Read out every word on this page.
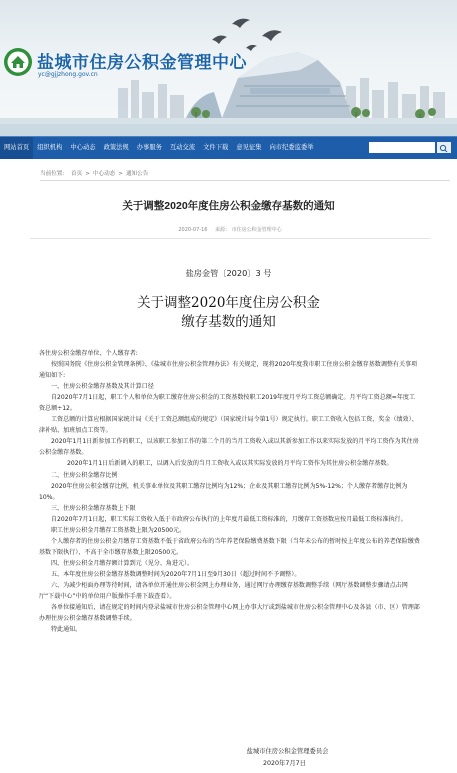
盐城市住房公积金管理中心
yc@gjjzhong.gov.cn
网站首页	组织机构	中心动态	政策法规	办事服务	互动交流	文件下载	意见征集	向市纪委监委举
当前位置： 首页 > 中心动态 > 通知公告
关于调整2020年度住房公积金缴存基数的通知
2020-07-16 来源： 市住房公积金管理中心
盐房金管〔2020〕3 号
关于调整2020年度住房公积金
缴存基数的通知

各住房公积金缴存单位、个人缴存者:

按照国务院《住房公积金管理条例》、《盐城市住房公积金管理办法》有关规定，现将2020年度我市职工住房公积金缴存基数调整有关事项通知如下:

一、住房公积金缴存基数及其计算口径

自2020年7月1日起，职工个人和单位为职工缴存住房公积金的工资基数按职工2019年度月平均工资总额确定。月平均工资总额=年度工资总额÷12。

工资总额的计算应根据国家统计局《关于工资总额组成的规定》（国家统计局令第1号）规定执行。职工工资收入包括工资、奖金（绩效）、津补贴、加班加点工资等。

2020年1月1日新参加工作的职工，以该职工参加工作的第二个月的当月工资收入或以其新参加工作以来实际发放的月平均工资作为其住房公积金缴存基数。

2020年1月1日后新调入的职工，以调入后发放的当月工资收入或以其实际发放的月平均工资作为其住房公积金缴存基数。

二、住房公积金缴存比例

2020年住房公积金缴存比例，机关事业单位及其职工缴存比例均为12%；企业及其职工缴存比例为5%-12%；个人缴存者缴存比例为10%。

三、住房公积金缴存基数上下限

自2020年7月1日起，职工实际工资收入低于市政府公布执行的上年度月最低工资标准的，月缴存工资基数应按月最低工资标准执行。

职工住房公积金月缴存工资基数上限为20500元。

个人缴存者的住房公积金月缴存工资基数不低于省政府公布的当年养老保险缴费基数下限（当年未公布的暂时按上年度公布的养老保险缴费基数下限执行），不高于全市缴存基数上限20500元。

四、住房公积金月缴存额计算到元（见分、角进元）。

五、本年度住房公积金缴存基数调整时间为2020年7月1日至9月30日（超过时间不予调整）。

六、为减少柜面办理等待时间，请各单位开通住房公积金网上办理业务，通过网厅办理缴存基数调整手续（网厅基数调整步骤请点击网厅“下载中心”中的单位用户版操作手册下载查看）。

各单位接通知后，请在规定的时间内登录盐城市住房公积金管理中心网上办事大厅或到盐城市住房公积金管理中心及各县（市、区）管理部办理住房公积金缴存基数调整手续。

特此通知。

盐城市住房公积金管理委员会
2020年7月7日
